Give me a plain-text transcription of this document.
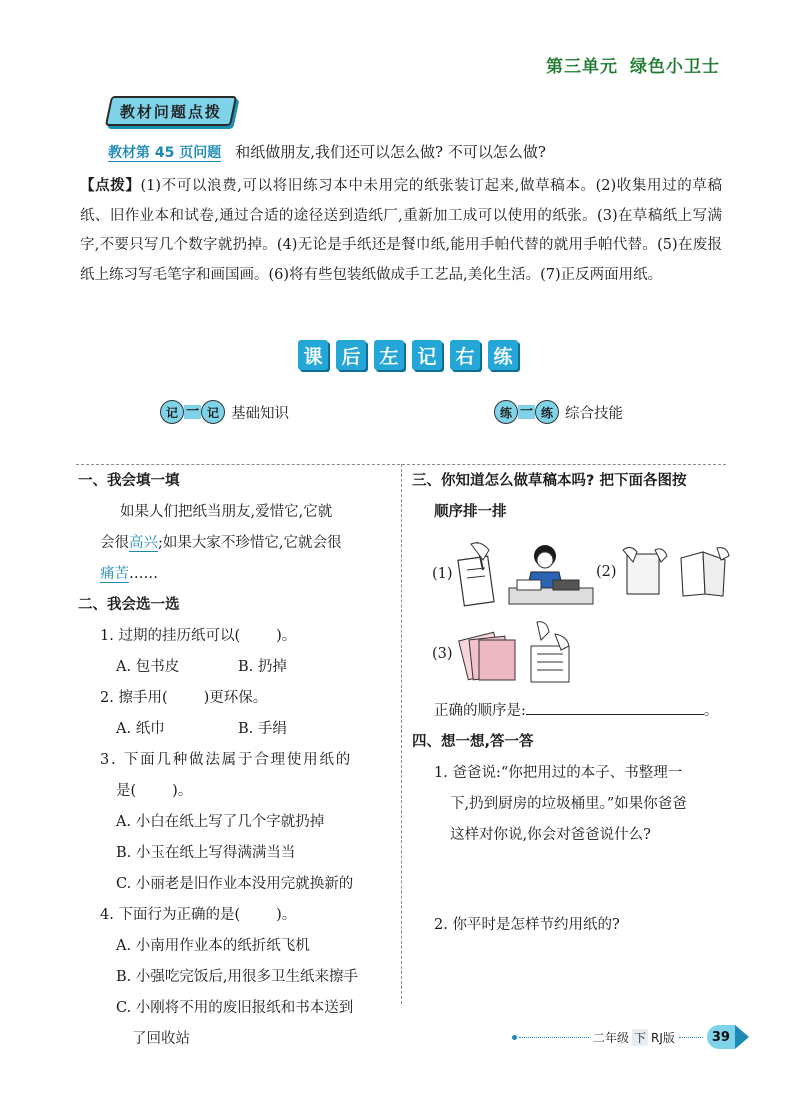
第三单元 绿色小卫士
教材问题点拨
教材第 45 页问题 和纸做朋友,我们还可以怎么做? 不可以怎么做?
【点拨】(1)不可以浪费,可以将旧练习本中未用完的纸张装订起来,做草稿本。(2)收集用过的草稿纸、旧作业本和试卷,通过合适的途径送到造纸厂,重新加工成可以使用的纸张。(3)在草稿纸上写满字,不要只写几个数字就扔掉。(4)无论是手纸还是餐巾纸,能用手帕代替的就用手帕代替。(5)在废报纸上练习写毛笔字和画国画。(6)将有些包装纸做成手工艺品,美化生活。(7)正反两面用纸。
课 后 左 记 右 练
记 一 记 基础知识	练 一 练 综合技能
一、我会填一填
如果人们把纸当朋友,爱惜它,它就
会很高兴;如果大家不珍惜它,它就会很
痛苦……
二、我会选一选
1. 过期的挂历纸可以( )。
A. 包书皮	B. 扔掉
2. 擦手用( )更环保。
A. 纸巾	B. 手绢
3. 下面几种做法属于合理使用纸的
是( )。
A. 小白在纸上写了几个字就扔掉
B. 小玉在纸上写得满满当当
C. 小丽老是旧作业本没用完就换新的
4. 下面行为正确的是( )。
A. 小南用作业本的纸折纸飞机
B. 小强吃完饭后,用很多卫生纸来擦手
C. 小刚将不用的废旧报纸和书本送到
了回收站
三、你知道怎么做草稿本吗? 把下面各图按
顺序排一排
(1)	(2)
(3)
正确的顺序是:	。
四、想一想,答一答
1. 爸爸说:“你把用过的本子、书整理一
下,扔到厨房的垃圾桶里。”如果你爸爸
这样对你说,你会对爸爸说什么?
2. 你平时是怎样节约用纸的?
二年级 下 RJ版	39
